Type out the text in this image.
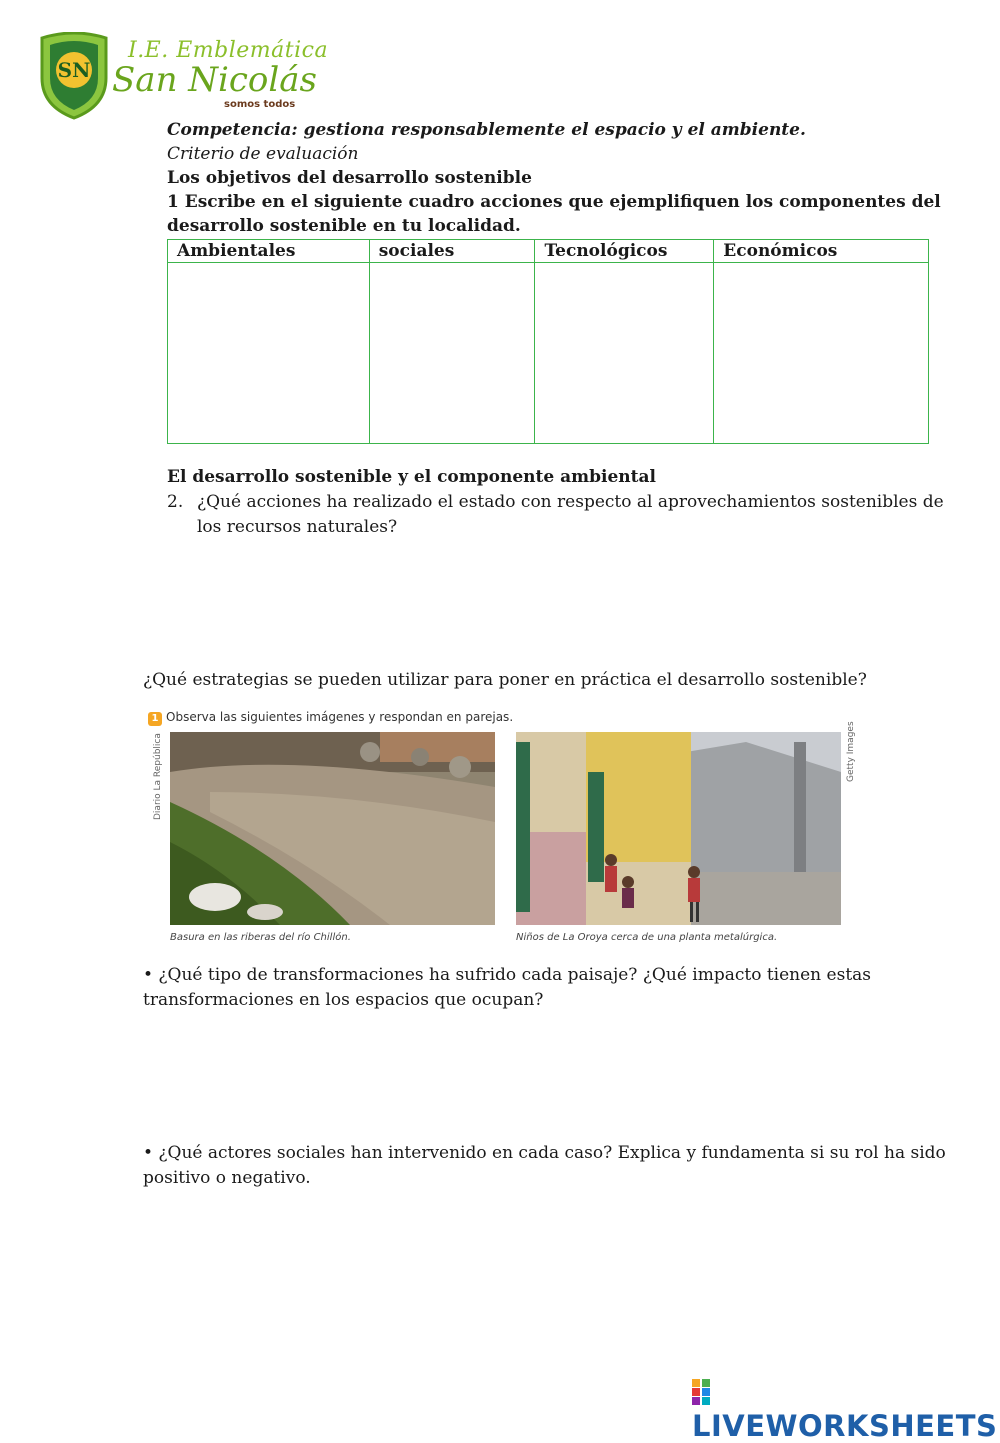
SN
I.E. Emblemática
San Nicolás
somos todos
Competencia: gestiona responsablemente el espacio y el ambiente.
Criterio de evaluación
Los objetivos del desarrollo sostenible
1 Escribe en el siguiente cuadro acciones que ejemplifiquen los componentes del
desarrollo sostenible en tu localidad.
Ambientales	sociales	Tecnológicos	Económicos

El desarrollo sostenible y el componente ambiental
2. ¿Qué acciones ha realizado el estado con respecto al aprovechamientos sostenibles de
los recursos naturales?
¿Qué estrategias se pueden utilizar para poner en práctica el desarrollo sostenible?
1 Observa las siguientes imágenes y respondan en parejas.
Diario La República	Getty Images
Basura en las riberas del río Chillón.	Niños de La Oroya cerca de una planta metalúrgica.
• ¿Qué tipo de transformaciones ha sufrido cada paisaje? ¿Qué impacto tienen estas
transformaciones en los espacios que ocupan?
• ¿Qué actores sociales han intervenido en cada caso? Explica y fundamenta si su rol ha sido
positivo o negativo.
LIVEWORKSHEETS
